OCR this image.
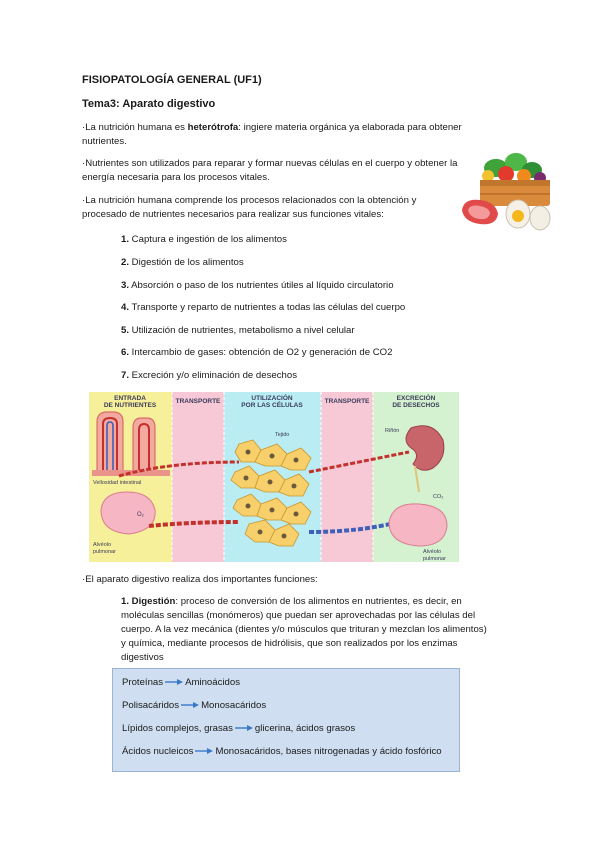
FISIOPATOLOGÍA GENERAL (UF1)
Tema3: Aparato digestivo
·La nutrición humana es heterótrofa: ingiere materia orgánica ya elaborada para obtener nutrientes.
·Nutrientes son utilizados para reparar y formar nuevas células en el cuerpo y obtener la energía necesaria para los procesos vitales.
·La nutrición humana comprende los procesos relacionados con la obtención y procesado de nutrientes necesarios para realizar sus funciones vitales:
1. Captura e ingestión de los alimentos
2. Digestión de los alimentos
3. Absorción o paso de los nutrientes útiles al líquido circulatorio
4. Transporte y reparto de nutrientes a todas las células del cuerpo
5. Utilización de nutrientes, metabolismo a nivel celular
6. Intercambio de gases: obtención de O2 y generación de CO2
7. Excreción y/o eliminación de desechos
ENTRADA
DE NUTRIENTES
TRANSPORTE	UTILIZACIÓN
POR LAS CÉLULAS
TRANSPORTE	EXCRECIÓN
DE DESECHOS
Vellosidad intestinal
O₂
Alvéolo
pulmonar
Tejido
Riñón
CO₂
Alvéolo
pulmonar
·El aparato digestivo realiza dos importantes funciones:
1. Digestión: proceso de conversión de los alimentos en nutrientes, es decir, en
moléculas sencillas (monómeros) que puedan ser aprovechadas por las células del
cuerpo. A la vez mecánica (dientes y/o músculos que trituran y mezclan los alimentos)
y química, mediante procesos de hidrólisis, que son realizados por los enzimas
digestivos
Proteínas Aminoácidos
Polisacáridos Monosacáridos
Lípidos complejos, grasas glicerina, ácidos grasos
Ácidos nucleicos Monosacáridos, bases nitrogenadas y ácido fosfórico
